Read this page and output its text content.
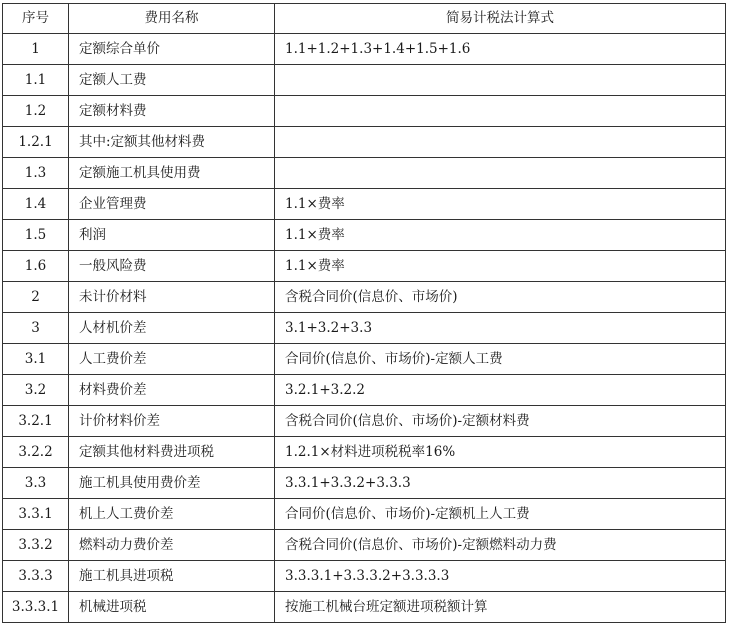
序号	费用名称	简易计税法计算式
1	定额综合单价	1.1+1.2+1.3+1.4+1.5+1.6
1.1	定额人工费	
1.2	定额材料费	
1.2.1	其中:定额其他材料费	
1.3	定额施工机具使用费	
1.4	企业管理费	1.1×费率
1.5	利润	1.1×费率
1.6	一般风险费	1.1×费率
2	未计价材料	含税合同价(信息价、市场价)
3	人材机价差	3.1+3.2+3.3
3.1	人工费价差	合同价(信息价、市场价)-定额人工费
3.2	材料费价差	3.2.1+3.2.2
3.2.1	计价材料价差	含税合同价(信息价、市场价)-定额材料费
3.2.2	定额其他材料费进项税	1.2.1×材料进项税税率16%
3.3	施工机具使用费价差	3.3.1+3.3.2+3.3.3
3.3.1	机上人工费价差	合同价(信息价、市场价)-定额机上人工费
3.3.2	燃料动力费价差	含税合同价(信息价、市场价)-定额燃料动力费
3.3.3	施工机具进项税	3.3.3.1+3.3.3.2+3.3.3.3
3.3.3.1	机械进项税	按施工机械台班定额进项税额计算
